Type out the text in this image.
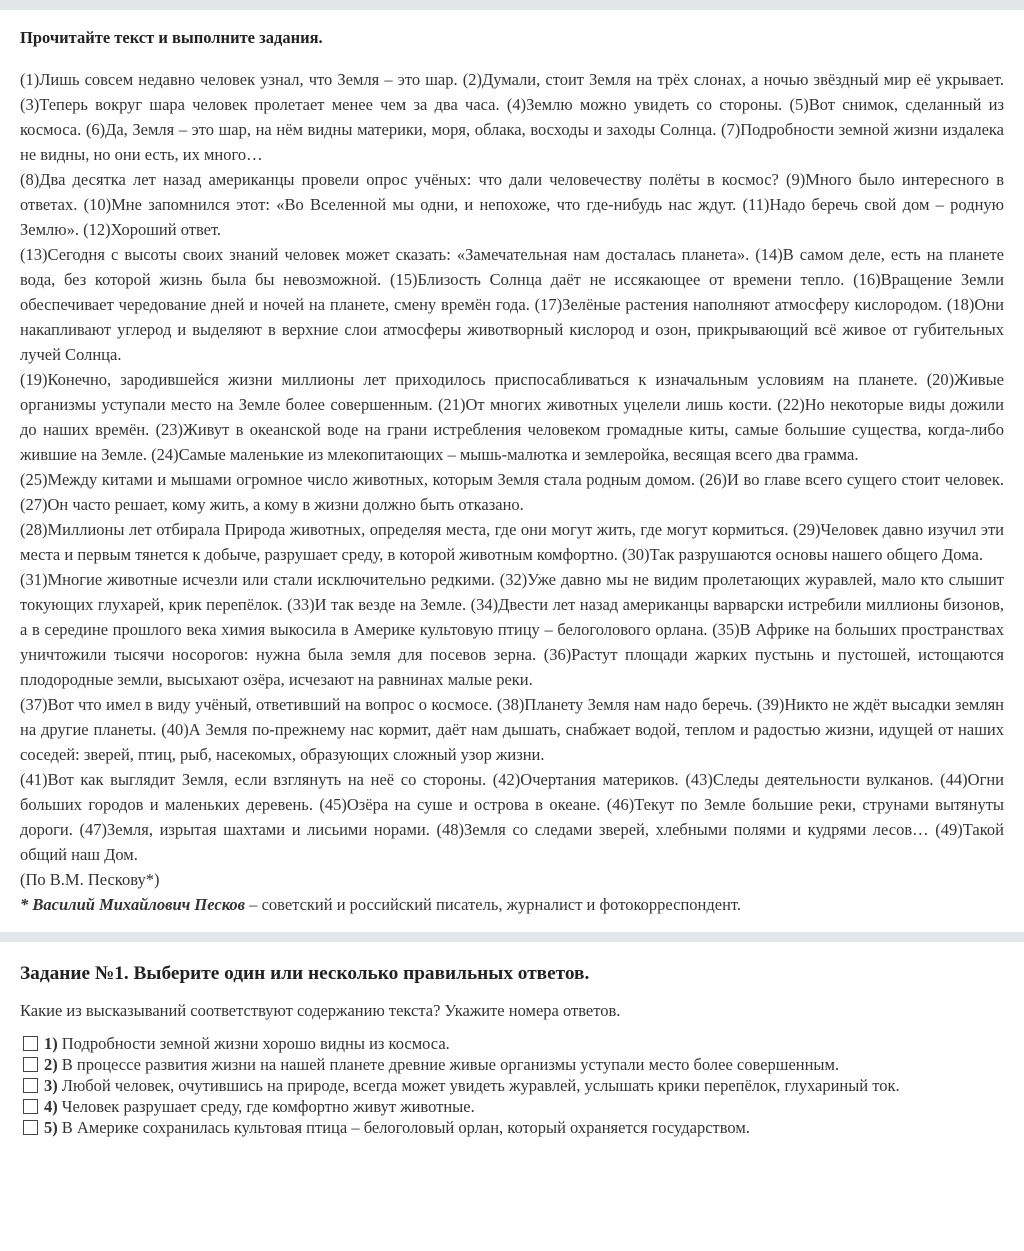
Прочитайте текст и выполните задания.

(1)Лишь совсем недавно человек узнал, что Земля – это шар. (2)Думали, стоит Земля на трёх слонах, а ночью звёздный мир её укрывает. (3)Теперь вокруг шара человек пролетает менее чем за два часа. (4)Землю можно увидеть со стороны. (5)Вот снимок, сделанный из космоса. (6)Да, Земля – это шар, на нём видны материки, моря, облака, восходы и заходы Солнца. (7)Подробности земной жизни издалека не видны, но они есть, их много…

(8)Два десятка лет назад американцы провели опрос учёных: что дали человечеству полёты в космос? (9)Много было интересного в ответах. (10)Мне запомнился этот: «Во Вселенной мы одни, и непохоже, что где-нибудь нас ждут. (11)Надо беречь свой дом – родную Землю». (12)Хороший ответ.

(13)Сегодня с высоты своих знаний человек может сказать: «Замечательная нам досталась планета». (14)В самом деле, есть на планете вода, без которой жизнь была бы невозможной. (15)Близость Солнца даёт не иссякающее от времени тепло. (16)Вращение Земли обеспечивает чередование дней и ночей на планете, смену времён года. (17)Зелёные растения наполняют атмосферу кислородом. (18)Они накапливают углерод и выделяют в верхние слои атмосферы животворный кислород и озон, прикрывающий всё живое от губительных лучей Солнца.

(19)Конечно, зародившейся жизни миллионы лет приходилось приспосабливаться к изначальным условиям на планете. (20)Живые организмы уступали место на Земле более совершенным. (21)От многих животных уцелели лишь кости. (22)Но некоторые виды дожили до наших времён. (23)Живут в океанской воде на грани истребления человеком громадные киты, самые большие существа, когда-либо жившие на Земле. (24)Самые маленькие из млекопитающих – мышь-малютка и землеройка, весящая всего два грамма.

(25)Между китами и мышами огромное число животных, которым Земля стала родным домом. (26)И во главе всего сущего стоит человек. (27)Он часто решает, кому жить, а кому в жизни должно быть отказано.

(28)Миллионы лет отбирала Природа животных, определяя места, где они могут жить, где могут кормиться. (29)Человек давно изучил эти места и первым тянется к добыче, разрушает среду, в которой животным комфортно. (30)Так разрушаются основы нашего общего Дома.

(31)Многие животные исчезли или стали исключительно редкими. (32)Уже давно мы не видим пролетающих журавлей, мало кто слышит токующих глухарей, крик перепёлок. (33)И так везде на Земле. (34)Двести лет назад американцы варварски истребили миллионы бизонов, а в середине прошлого века химия выкосила в Америке культовую птицу – белоголового орлана. (35)В Африке на больших пространствах уничтожили тысячи носорогов: нужна была земля для посевов зерна. (36)Растут площади жарких пустынь и пустошей, истощаются плодородные земли, высыхают озёра, исчезают на равнинах малые реки.

(37)Вот что имел в виду учёный, ответивший на вопрос о космосе. (38)Планету Земля нам надо беречь. (39)Никто не ждёт высадки землян на другие планеты. (40)А Земля по-прежнему нас кормит, даёт нам дышать, снабжает водой, теплом и радостью жизни, идущей от наших соседей: зверей, птиц, рыб, насекомых, образующих сложный узор жизни.

(41)Вот как выглядит Земля, если взглянуть на неё со стороны. (42)Очертания материков. (43)Следы деятельности вулканов. (44)Огни больших городов и маленьких деревень. (45)Озёра на суше и острова в океане. (46)Текут по Земле большие реки, струнами вытянуты дороги. (47)Земля, изрытая шахтами и лисьими норами. (48)Земля со следами зверей, хлебными полями и кудрями лесов… (49)Такой общий наш Дом.

(По В.М. Пескову*)

* Василий Михайлович Песков – советский и российский писатель, журналист и фотокорреспондент.

Задание №1. Выберите один или несколько правильных ответов.
Какие из высказываний соответствуют содержанию текста? Укажите номера ответов.
1) Подробности земной жизни хорошо видны из космоса.
2) В процессе развития жизни на нашей планете древние живые организмы уступали место более совершенным.
3) Любой человек, очутившись на природе, всегда может увидеть журавлей, услышать крики перепёлок, глухариный ток.
4) Человек разрушает среду, где комфортно живут животные.
5) В Америке сохранилась культовая птица – белоголовый орлан, который охраняется государством.
